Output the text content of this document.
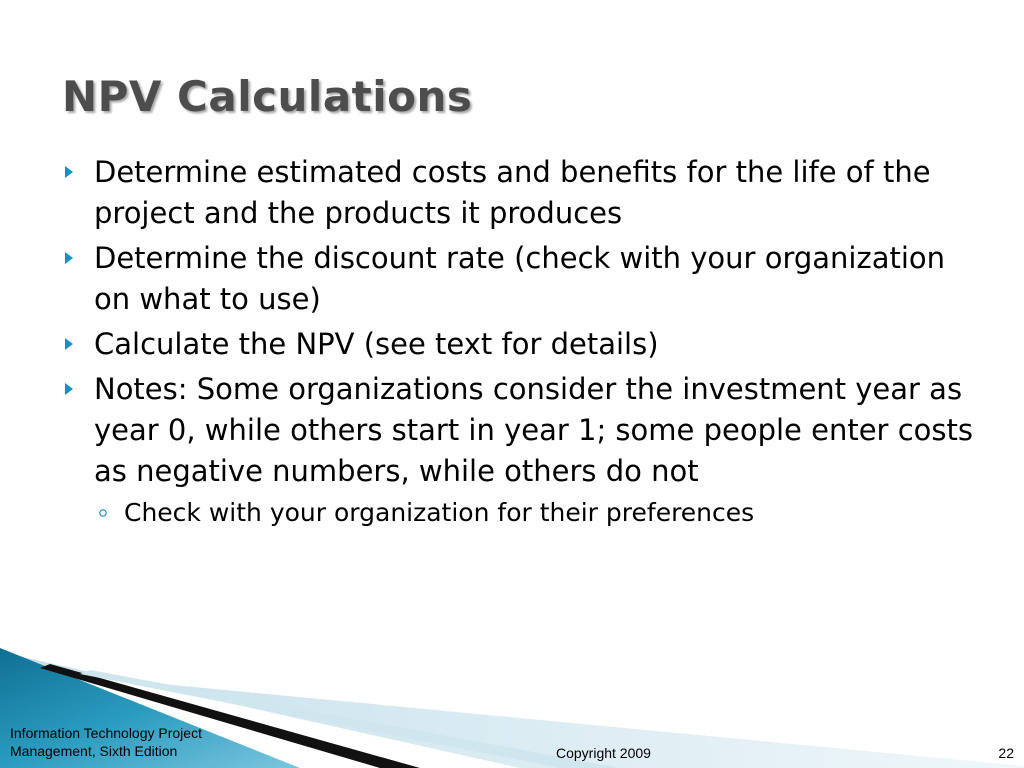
NPV Calculations
Determine estimated costs and benefits for the life of the project and the products it produces
Determine the discount rate (check with your organization on what to use)
Calculate the NPV (see text for details)
Notes: Some organizations consider the investment year as year 0, while others start in year 1; some people enter costs as negative numbers, while others do not
Check with your organization for their preferences
Information Technology Project
Management, Sixth Edition	Copyright 2009	22
